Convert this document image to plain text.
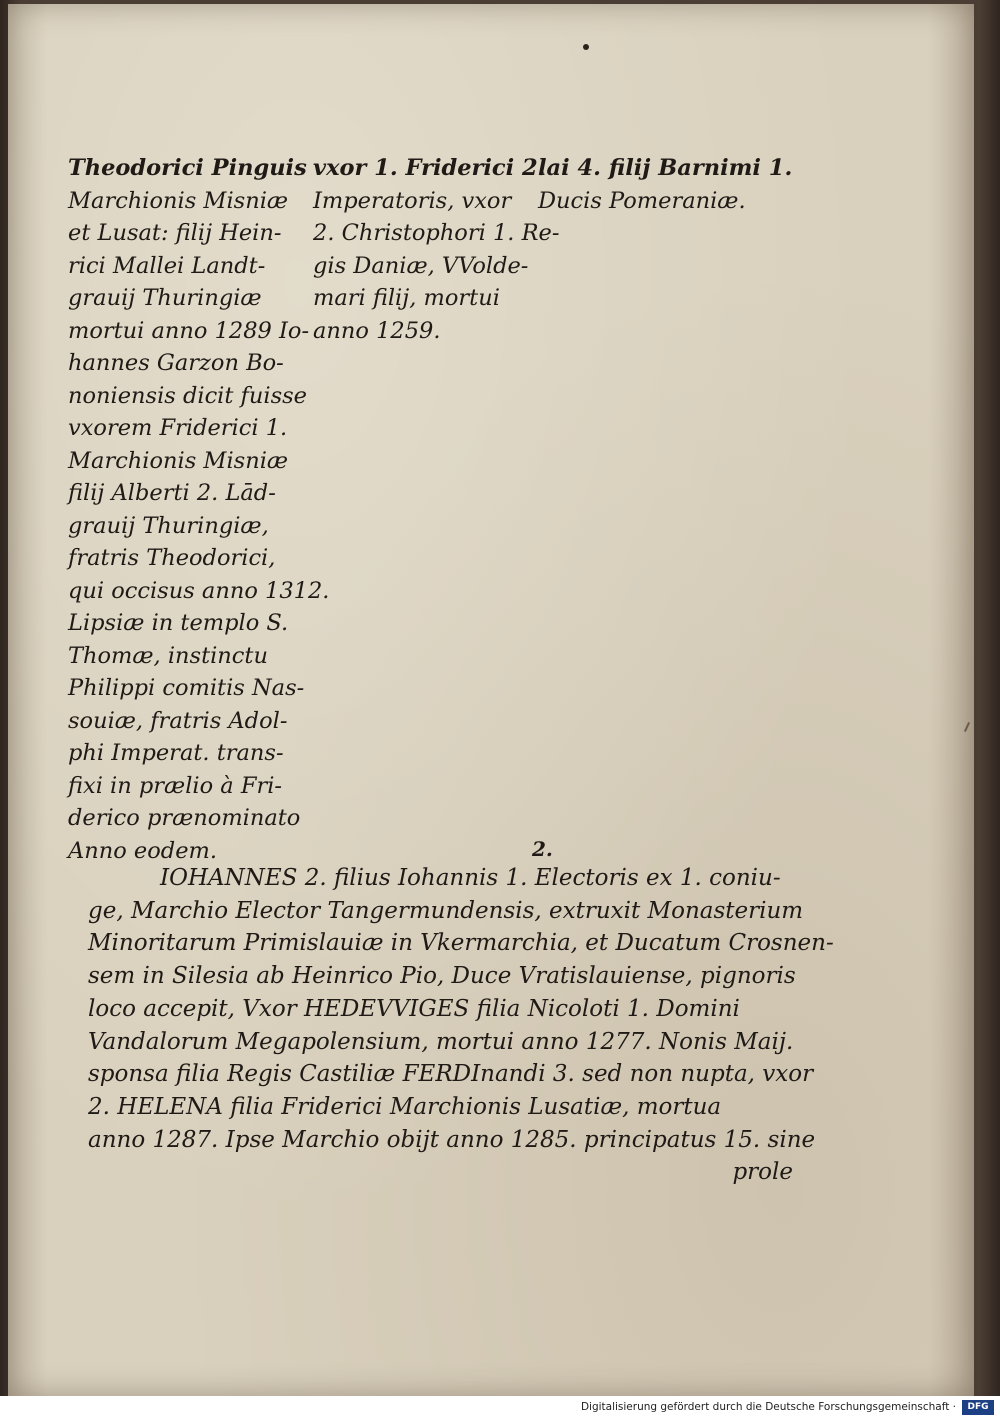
Theodorici Pinguis
Marchionis Misniæ
et Lusat: filij Hein-
rici Mallei Landt-
grauij Thuringiæ
mortui anno 1289 Io-
hannes Garzon Bo-
noniensis dicit fuisse
vxorem Friderici 1.
Marchionis Misniæ
filij Alberti 2. Lād-
grauij Thuringiæ,
fratris Theodorici,
qui occisus anno 1312.
Lipsiæ in templo S.
Thomæ, instinctu
Philippi comitis Nas-
souiæ, fratris Adol-
phi Imperat. trans-
fixi in prælio à Fri-
derico prænominato
Anno eodem.
vxor 1. Friderici 2.
Imperatoris, vxor
2. Christophori 1. Re-
gis Daniæ, VVolde-
mari filij, mortui
anno 1259.
lai 4. filij Barnimi 1.
Ducis Pomeraniæ.
2.
IOHANNES 2. filius Iohannis 1. Electoris ex 1. coniu-
ge, Marchio Elector Tangermundensis, extruxit Monasterium
Minoritarum Primislauiæ in Vkermarchia, et Ducatum Crosnen-
sem in Silesia ab Heinrico Pio, Duce Vratislauiense, pignoris
loco accepit, Vxor HEDEVVIGES filia Nicoloti 1. Domini
Vandalorum Megapolensium, mortui anno 1277. Nonis Maij.
sponsa filia Regis Castiliæ FERDInandi 3. sed non nupta, vxor
2. HELENA filia Friderici Marchionis Lusatiæ, mortua
anno 1287. Ipse Marchio obijt anno 1285. principatus 15. sine
prole
Digitalisierung gefördert durch die Deutsche Forschungsgemeinschaft ·	DFG
